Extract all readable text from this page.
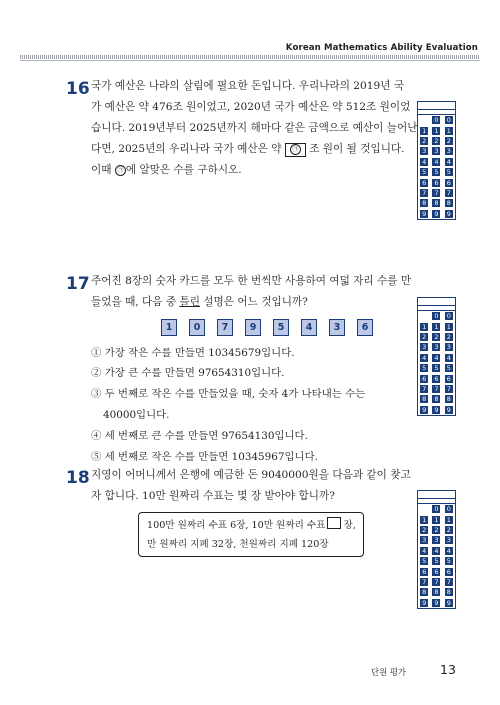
Korean Mathematics Ability Evaluation
16 국가 예산은 나라의 살림에 필요한 돈입니다. 우리나라의 2019년 국
가 예산은 약 476조 원이었고, 2020년 국가 예산은 약 512조 원이었
습니다. 2019년부터 2025년까지 해마다 같은 금액으로 예산이 늘어난
다면, 2025년의 우리나라 국가 예산은 약 ㉠ 조 원이 될 것입니다.
이때 ㉠ 에 알맞은 수를 구하시오.
0 0
1 1 1
2 2 2
3 3 3
4 4 4
5 5 5
6 6 6
7 7 7
8 8 8
9 9 9
17 주어진 8장의 숫자 카드를 모두 한 번씩만 사용하여 여덟 자리 수를 만
들었을 때, 다음 중 틀린 설명은 어느 것입니까?
1	0	7	9	5	4	3	6
① 가장 작은 수를 만들면 10345679입니다.
② 가장 큰 수를 만들면 97654310입니다.
③ 두 번째로 작은 수를 만들었을 때, 숫자 4가 나타내는 수는
40000입니다.
④ 세 번째로 큰 수를 만들면 97654130입니다.
⑤ 세 번째로 작은 수를 만들면 10345967입니다.
0 0
1 1 1
2 2 2
3 3 3
4 4 4
5 5 5
6 6 6
7 7 7
8 8 8
9 9 9
18 지영이 어머니께서 은행에 예금한 돈 9040000원을 다음과 같이 찾고
자 합니다. 10만 원짜리 수표는 몇 장 받아야 합니까?
100만 원짜리 수표 6장, 10만 원짜리 수표 장,
만 원짜리 지폐 32장, 천원짜리 지폐 120장
0 0
1 1 1
2 2 2
3 3 3
4 4 4
5 5 5
6 6 6
7 7 7
8 8 8
9 9 9
단원 평가	13
